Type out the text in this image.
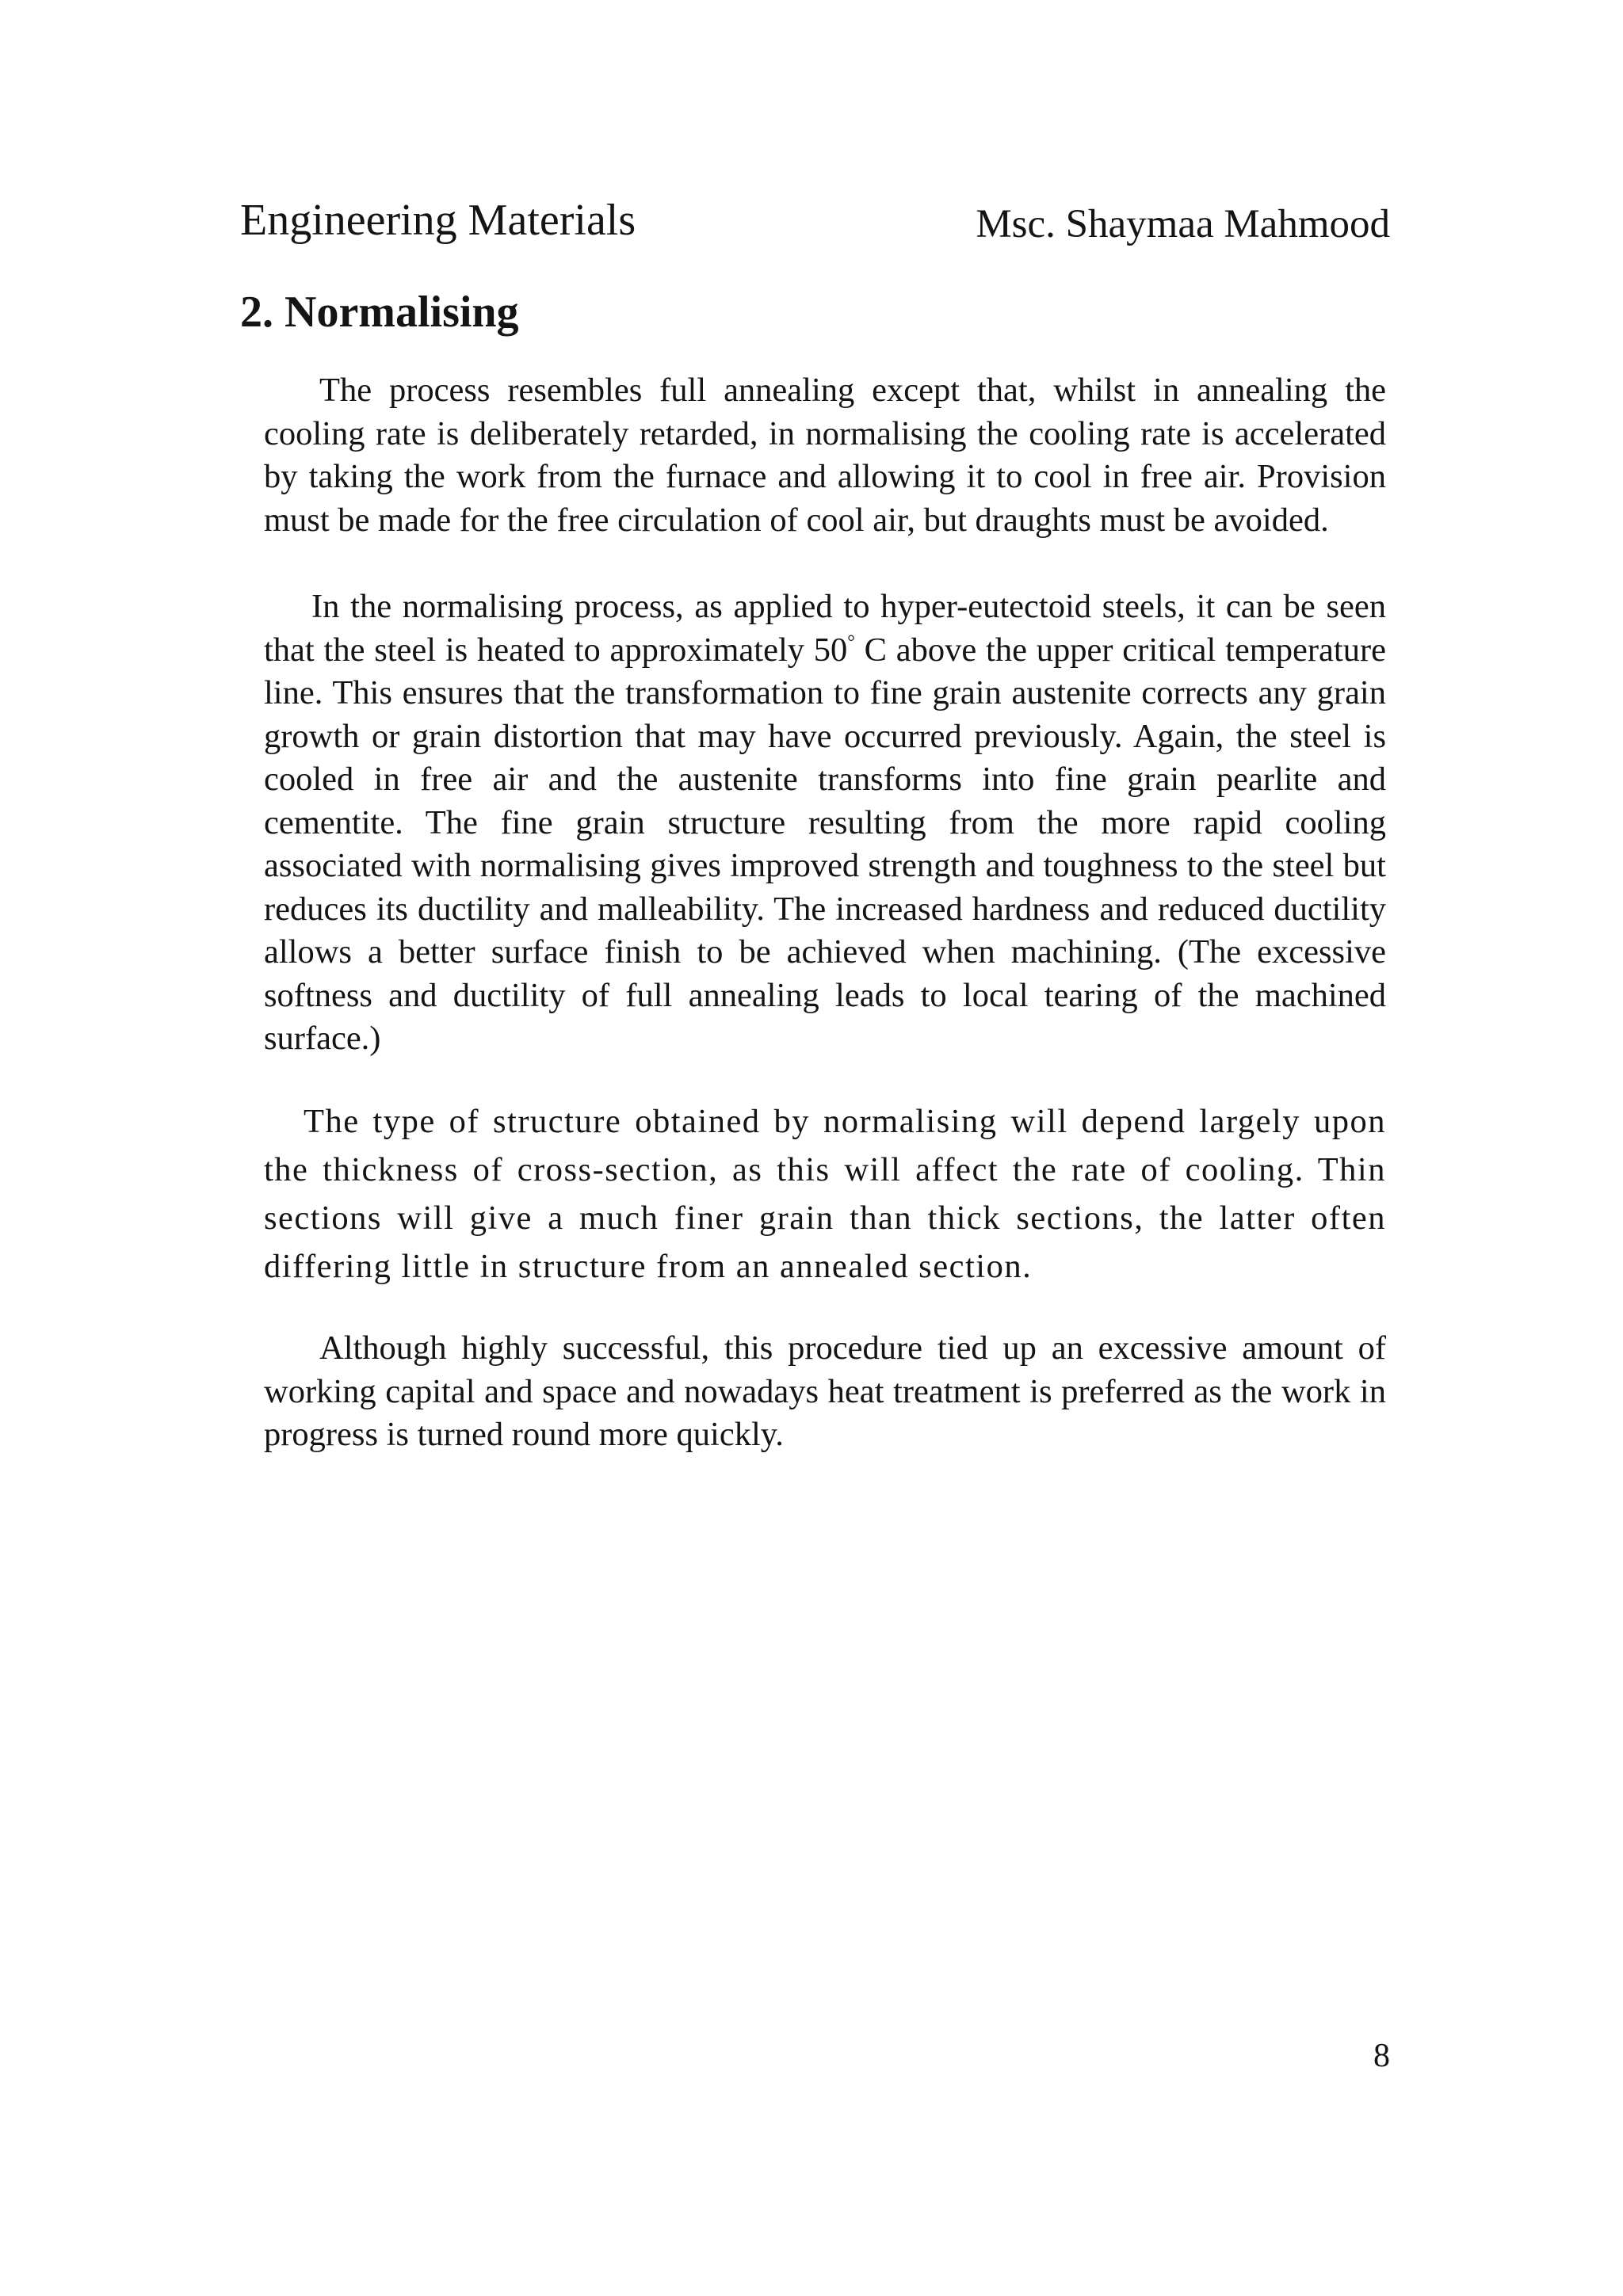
Engineering Materials	Msc. Shaymaa Mahmood
2. Normalising

The process resembles full annealing except that, whilst in annealing the cooling rate is deliberately retarded, in normalising the cooling rate is accelerated by taking the work from the furnace and allowing it to cool in free air. Provision must be made for the free circulation of cool air, but draughts must be avoided.

In the normalising process, as applied to hyper-eutectoid steels, it can be seen that the steel is heated to approximately 50° C above the upper critical temperature line. This ensures that the transformation to fine grain austenite corrects any grain growth or grain distortion that may have occurred previously. Again, the steel is cooled in free air and the austenite transforms into fine grain pearlite and cementite. The fine grain structure resulting from the more rapid cooling associated with normalising gives improved strength and toughness to the steel but reduces its ductility and malleability. The increased hardness and reduced ductility allows a better surface finish to be achieved when machining. (The excessive softness and ductility of full annealing leads to local tearing of the machined surface.)

The type of structure obtained by normalising will depend largely upon the thickness of cross-section, as this will affect the rate of cooling. Thin sections will give a much finer grain than thick sections, the latter often differing little in structure from an annealed section.

Although highly successful, this procedure tied up an excessive amount of working capital and space and nowadays heat treatment is preferred as the work in progress is turned round more quickly.

8
